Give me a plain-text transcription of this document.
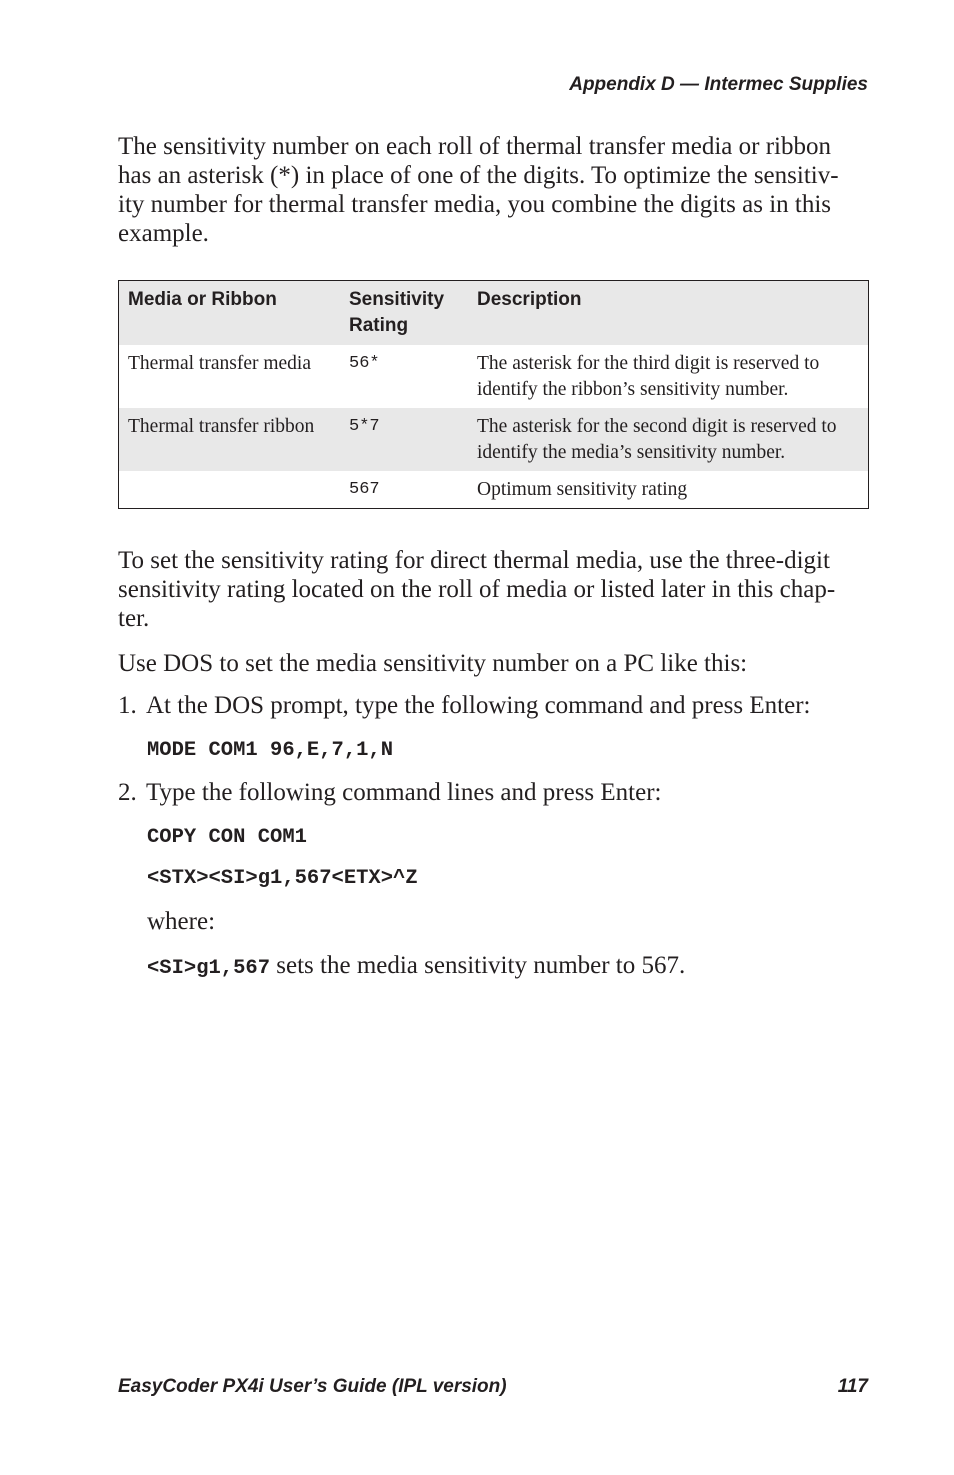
Appendix D — Intermec Supplies
The sensitivity number on each roll of thermal transfer media or ribbon has an asterisk (*) in place of one of the digits. To optimize the sensitiv-ity number for thermal transfer media, you combine the digits as in this example.
Media or Ribbon	Sensitivity Rating	Description
Thermal transfer media	56*	The asterisk for the third digit is reserved to identify the ribbon’s sensitivity number.
Thermal transfer ribbon	5*7	The asterisk for the second digit is reserved to identify the media’s sensitivity number.
	567	Optimum sensitivity rating
To set the sensitivity rating for direct thermal media, use the three-digit sensitivity rating located on the roll of media or listed later in this chap-ter.
Use DOS to set the media sensitivity number on a PC like this:
1. At the DOS prompt, type the following command and press Enter:
MODE COM1 96,E,7,1,N
2. Type the following command lines and press Enter:
COPY CON COM1
<STX><SI>g1,567<ETX>^Z
where:
<SI>g1,567 sets the media sensitivity number to 567.
EasyCoder PX4i User’s Guide (IPL version)	117
